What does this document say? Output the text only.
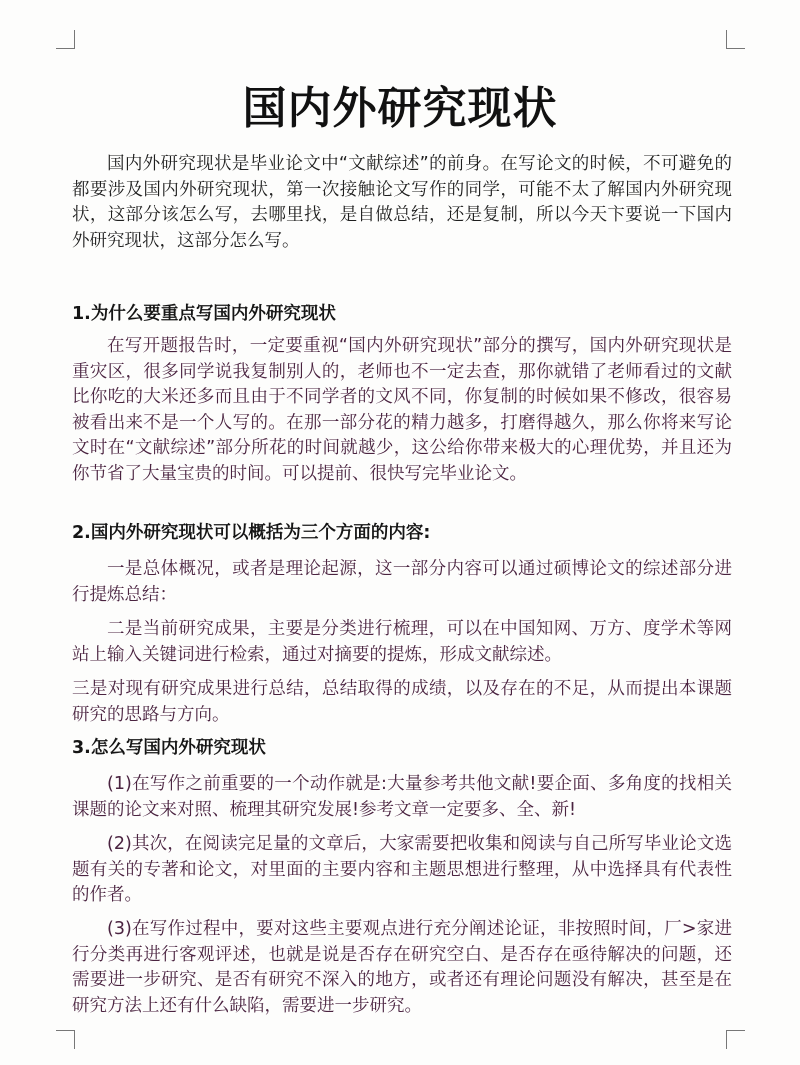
国内外研究现状

国内外研究现状是毕业论文中“文献综述”的前身。在写论文的时候，不可避免的都要涉及国内外研究现状，第一次接触论文写作的同学，可能不太了解国内外研究现状，这部分该怎么写，去哪里找，是自做总结，还是复制，所以今天卞要说一下国内外研究现状，这部分怎么写。

1.为什么要重点写国内外研究现状

在写开题报告时，一定要重视“国内外研究现状”部分的撰写，国内外研究现状是重灾区，很多同学说我复制别人的，老师也不一定去查，那你就错了老师看过的文献比你吃的大米还多而且由于不同学者的文风不同，你复制的时候如果不修改，很容易被看出来不是一个人写的。在那一部分花的精力越多，打磨得越久，那么你将来写论文时在“文献综述”部分所花的时间就越少，这公给你带来极大的心理优势，并且还为你节省了大量宝贵的时间。可以提前、很快写完毕业论文。

2.国内外研究现状可以概括为三个方面的内容:

一是总体概况，或者是理论起源，这一部分内容可以通过硕博论文的综述部分进行提炼总结：

二是当前研究成果，主要是分类进行梳理，可以在中国知网、万方、度学术等网站上输入关键词进行检索，通过对摘要的提炼，形成文献综述。

三是对现有研究成果进行总结，总结取得的成绩，以及存在的不足，从而提出本课题研究的思路与方向。

3.怎么写国内外研究现状

(1)在写作之前重要的一个动作就是:大量参考共他文献!要企面、多角度的找相关课题的论文来对照、梳理其研究发展!参考文章一定要多、全、新!

(2)其次，在阅读完足量的文章后，大家需要把收集和阅读与自己所写毕业论文选题有关的专著和论文，对里面的主要内容和主题思想进行整理，从中选择具有代表性的作者。

(3)在写作过程中，要对这些主要观点进行充分阐述论证，非按照时间，厂>家进行分类再进行客观评述，也就是说是否存在研究空白、是否存在亟待解决的问题，还需要进一步研究、是否有研究不深入的地方，或者还有理论问题没有解决，甚至是在研究方法上还有什么缺陷，需要进一步研究。
